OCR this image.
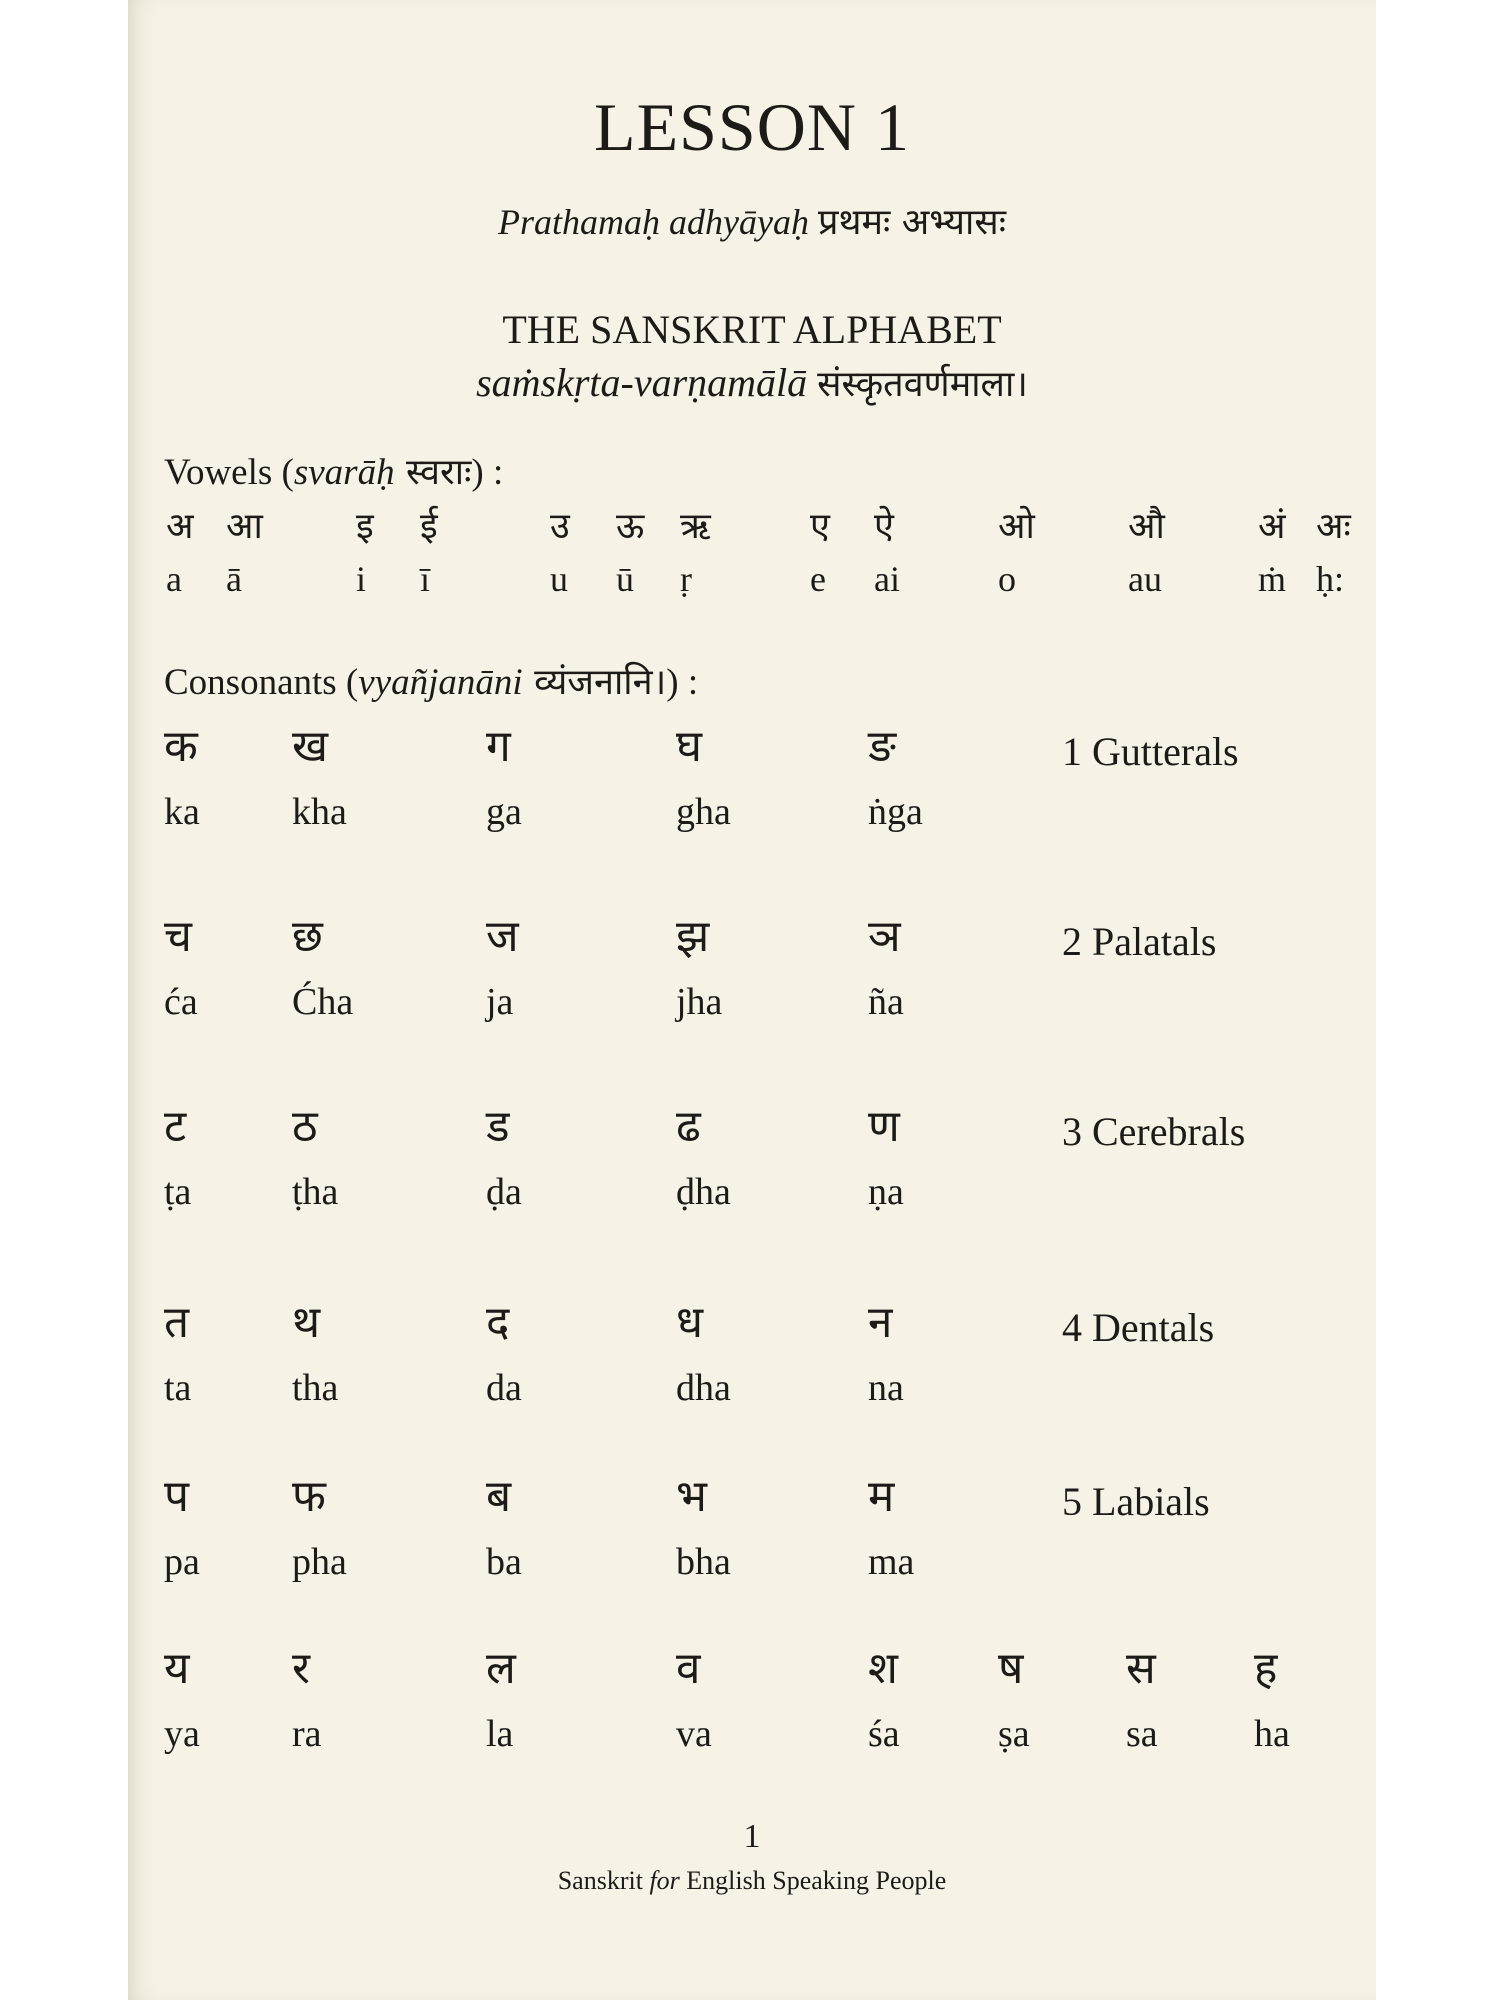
LESSON 1
Prathamaḥ adhyāyaḥ प्रथमः अभ्यासः
THE SANSKRIT ALPHABET
saṁskṛta-varṇamālā संस्कृतवर्णमाला।
Vowels (svarāḥ स्वराः) :
अ आ	इ ई	उ ऊ ऋ	ए ऐ	ओ	औ	अं अः
a ā	i ī	u ū ṛ	e ai	o	au	ṁ ḥ:
Consonants (vyañjanāni व्यंजनानि।) :
क ख	ग	घ	ङ
ka kha	ga	gha	ṅga
1 Gutterals
च छ	ज	झ	ञ
ća Ćha	ja	jha	ña
2 Palatals
ट ठ	ड	ढ	ण
ṭa	ṭha	ḍa	ḍha	ṇa
3 Cerebrals
त थ	द	ध	न
ta	tha	da	dha	na
4 Dentals
प फ	ब	भ	म
pa pha	ba	bha	ma
5 Labials
य र	ल	व	श ष स ह
ya ra	la	va	śa	ṣa	sa	ha
1
Sanskrit for English Speaking People
